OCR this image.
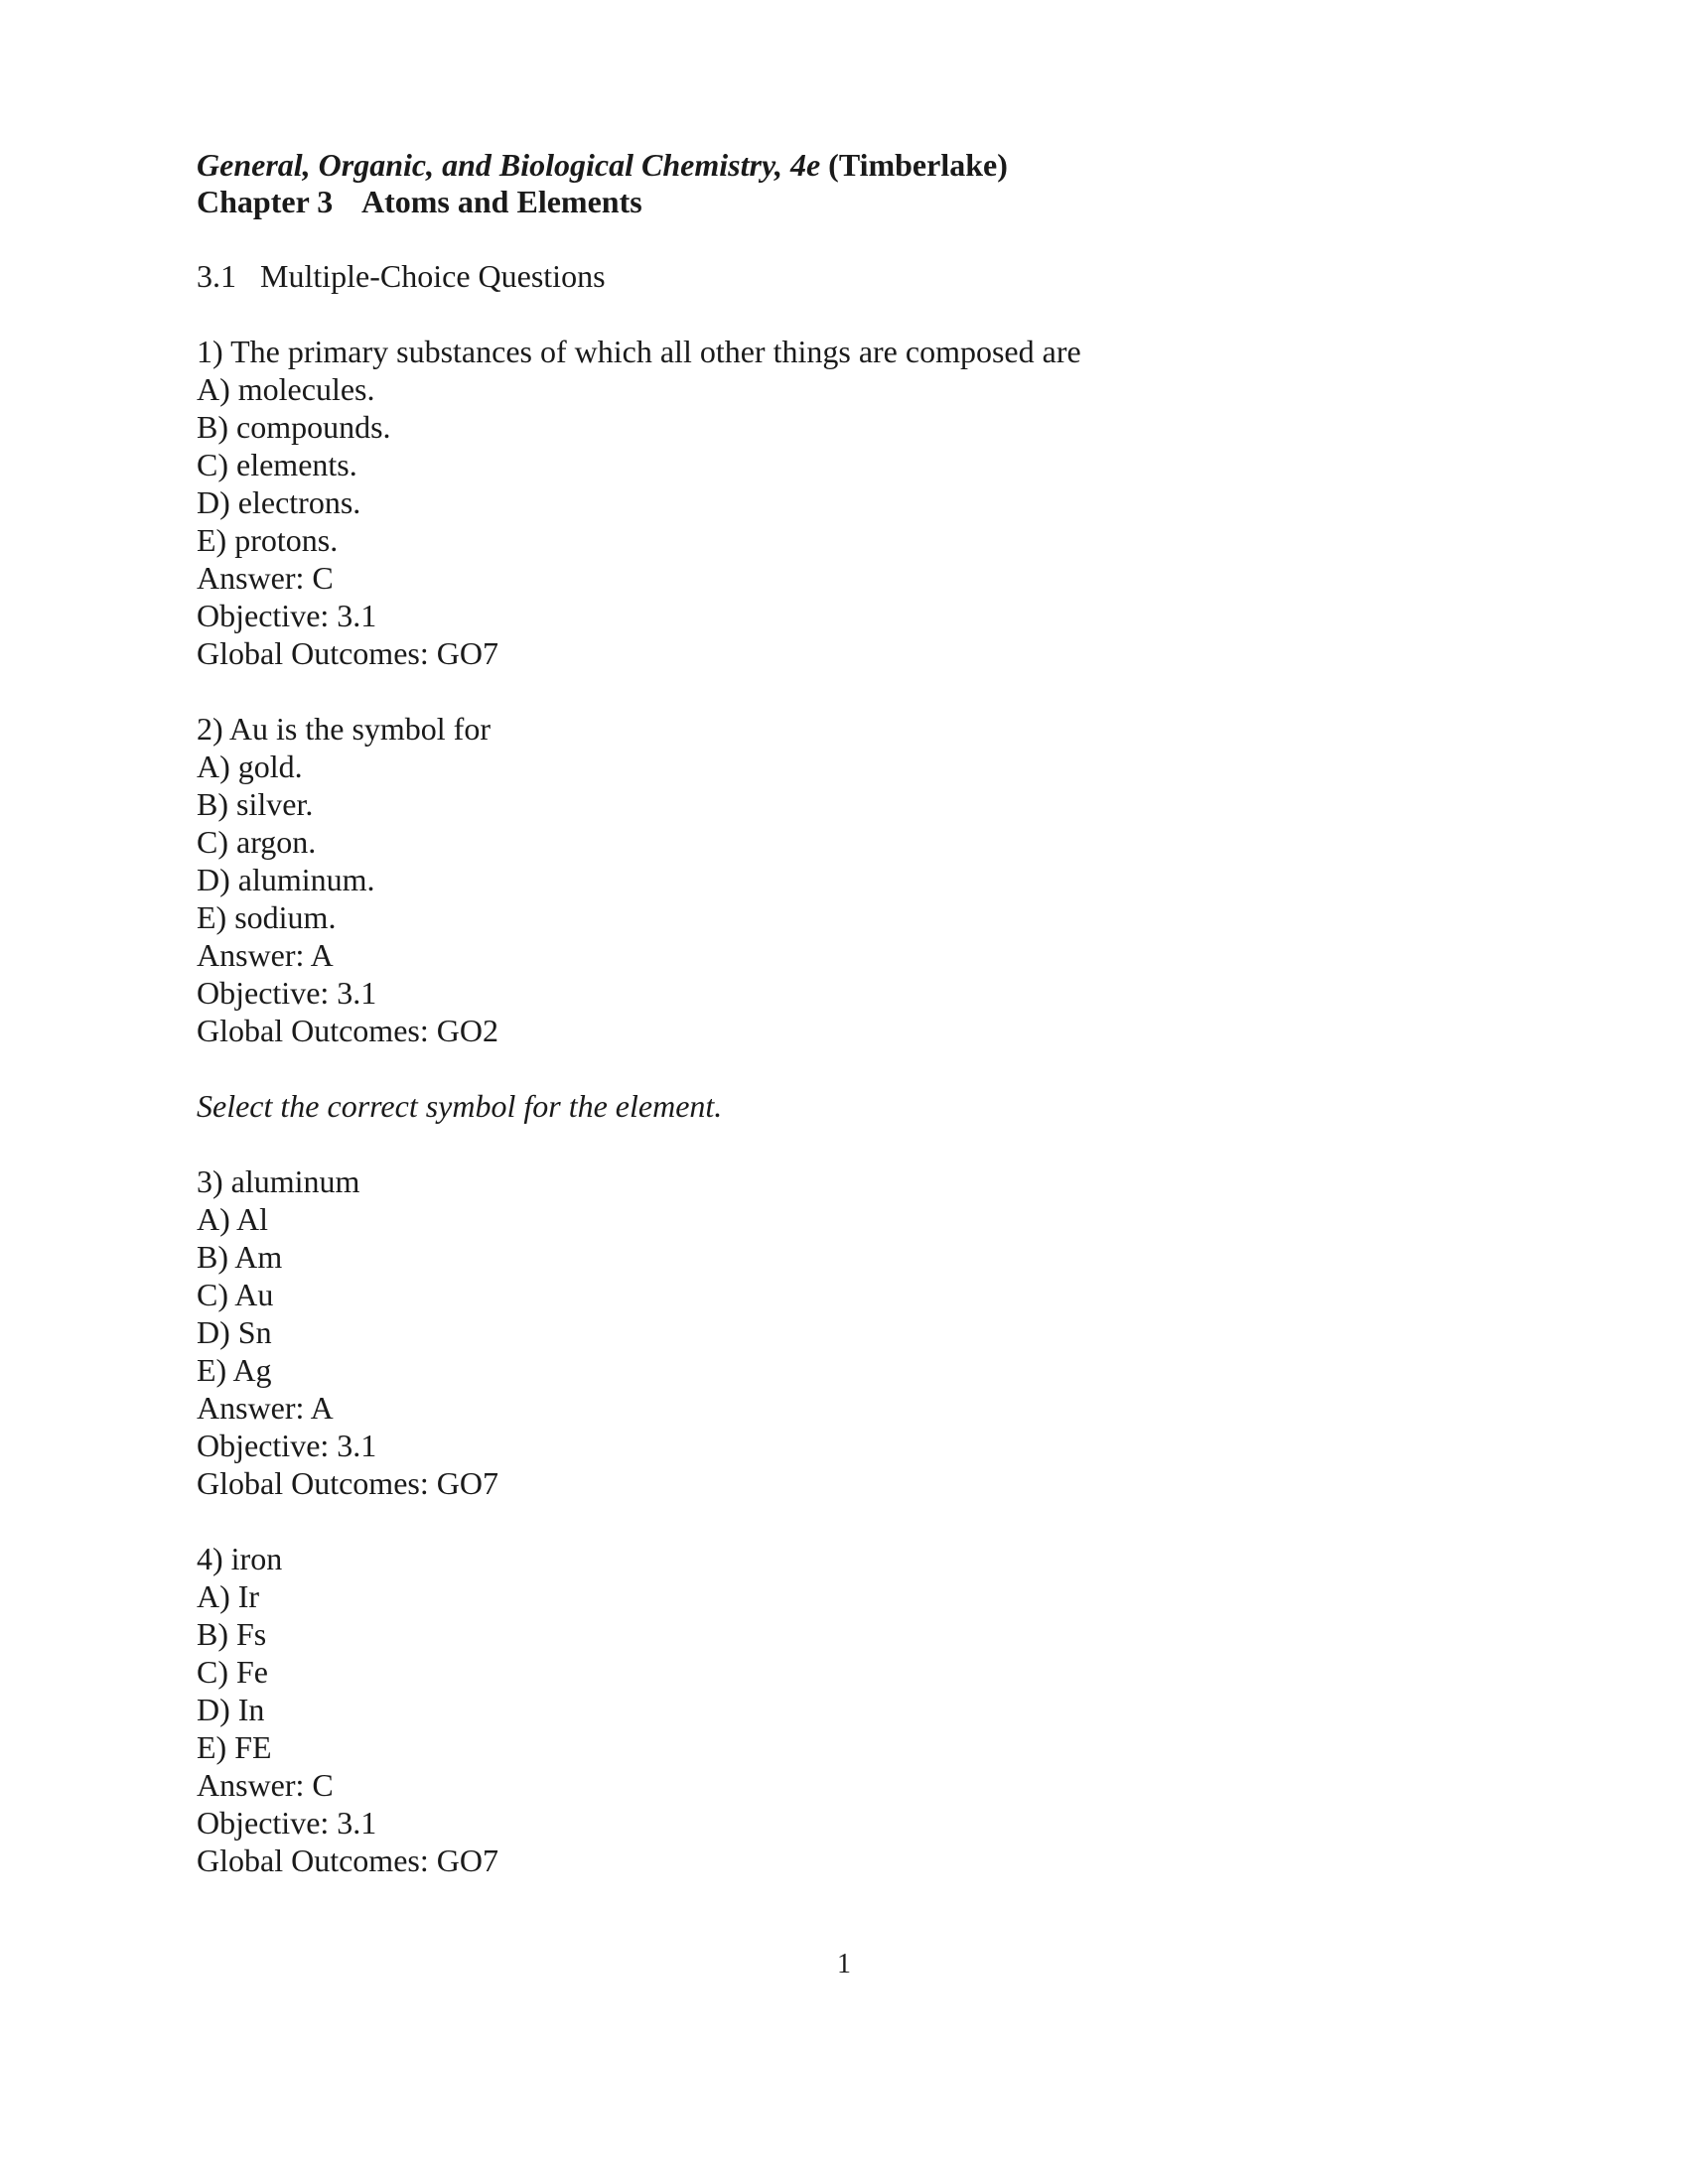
General, Organic, and Biological Chemistry, 4e (Timberlake)
Chapter 3 Atoms and Elements
3.1 Multiple-Choice Questions
1) The primary substances of which all other things are composed are
A) molecules.
B) compounds.
C) elements.
D) electrons.
E) protons.
Answer: C
Objective: 3.1
Global Outcomes: GO7
2) Au is the symbol for
A) gold.
B) silver.
C) argon.
D) aluminum.
E) sodium.
Answer: A
Objective: 3.1
Global Outcomes: GO2
Select the correct symbol for the element.
3) aluminum
A) Al
B) Am
C) Au
D) Sn
E) Ag
Answer: A
Objective: 3.1
Global Outcomes: GO7
4) iron
A) Ir
B) Fs
C) Fe
D) In
E) FE
Answer: C
Objective: 3.1
Global Outcomes: GO7
1
